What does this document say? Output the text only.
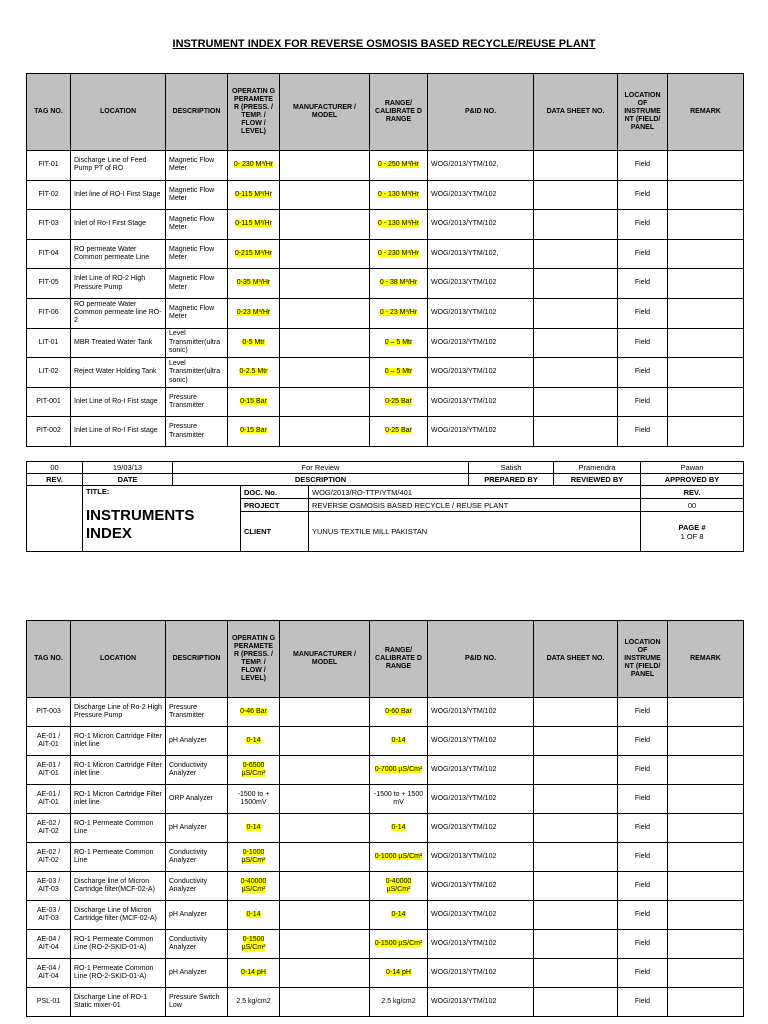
INSTRUMENT INDEX FOR REVERSE OSMOSIS BASED RECYCLE/REUSE PLANT
TAG NO.	LOCATION	DESCRIPTION	OPERATIN G PERAMETE R (PRESS. / TEMP. / FLOW / LEVEL)	MANUFACTURER / MODEL	RANGE/ CALIBRATE D RANGE	P&ID NO.	DATA SHEET NO.	LOCATION OF INSTRUME NT (FIELD/ PANEL	REMARK
FIT-01	Discharge Line of Feed Pump PT of RO	Magnetic Flow Meter	0- 230 M³/Hr		0 - 250 M³/Hr	WOG/2013/YTM/102,		Field	
FIT-02	Inlet line of RO-I First Stage	Magnetic Flow Meter	0-115 M³/Hr		0 - 130 M³/Hr	WOG/2013/YTM/102		Field	
FIT-03	Inlet of Ro-I First Stage	Magnetic Flow Meter	0-115 M³/Hr		0 - 130 M³/Hr	WOG/2013/YTM/102		Field	
FIT-04	RO permeate Water Common permeate Line	Magnetic Flow Meter	0-215 M³/Hr		0 - 230 M³/Hr	WOG/2013/YTM/102,		Field	
FIT-05	Inlet Line of RO-2 High Pressure Pump	Magnetic Flow Meter	0-35 M³/Hr		0 - 38 M³/Hr	WOG/2013/YTM/102		Field	
FIT-06	RO permeate Water Common permeate line RO-2	Magnetic Flow Meter	0-23 M³/Hr		0 - 23 M³/Hr	WOG/2013/YTM/102		Field	
LIT-01	MBR Treated Water Tank	Level Transmitter(ultra sonic)	0-5 Mtr		0 – 5 Mtr	WOG/2013/YTM/102		Field	
LIT-02	Reject Water Holding Tank	Level Transmitter(ultra sonic)	0-2.5 Mtr		0 – 5 Mtr	WOG/2013/YTM/102		Field	
PIT-001	Inlet Line of Ro-I Fist stage	Pressure Transmitter	0-15 Bar		0-25 Bar	WOG/2013/YTM/102		Field	
PIT-002	Inlet Line of Ro-I Fist stage	Pressure Transmitter	0-15 Bar		0-25 Bar	WOG/2013/YTM/102		Field	
00	19/03/13	For Review			Satish	Pramendra	Pawan
REV.	DATE	DESCRIPTION			PREPARED BY	REVIEWED BY	APPROVED BY
	TITLE:		DOC. No.	WOG/2013/RO-TTP/YTM/401			REV.
	INSTRUMENTS INDEX		PROJECT	REVERSE OSMOSIS BASED RECYCLE / REUSE PLANT			00
			CLIENT	YUNUS TEXTILE MILL PAKISTAN			PAGE #
1 OF 8
TAG NO.	LOCATION	DESCRIPTION	OPERATIN G PERAMETE R (PRESS. / TEMP. / FLOW / LEVEL)	MANUFACTURER / MODEL	RANGE/ CALIBRATE D RANGE	P&ID NO.	DATA SHEET NO.	LOCATION OF INSTRUME NT (FIELD/ PANEL	REMARK
PIT-003	Discharge Line of Ro-2 High Pressure Pump	Pressure Transmitter	0-46 Bar		0-60 Bar	WOG/2013/YTM/102		Field	
AE-01 / AIT-01	RO-1 Micron Cartridge Filter inlet line	pH Analyzer	0-14		0-14	WOG/2013/YTM/102		Field	
AE-01 / AIT-01	RO-1 Micron Cartridge Filter inlet line	Conductivity Analyzer	0-6500 µS/Cm²		0-7000 µS/Cm²	WOG/2013/YTM/102		Field	
AE-01 / AIT-01	RO-1 Micron Cartridge Filter inlet line	ORP Analyzer	-1500 to + 1500mV		-1500 to + 1500 mV	WOG/2013/YTM/102		Field	
AE-02 / AIT-02	RO-1 Permeate Common Line	pH Analyzer	0-14		0-14	WOG/2013/YTM/102		Field	
AE-02 / AIT-02	RO-1 Permeate Common Line	Conductivity Analyzer	0-1000 µS/Cm²		0-1000 µS/Cm²	WOG/2013/YTM/102		Field	
AE-03 / AIT-03	Discharge line of Micron Cartridge filter(MCF-02-A)	Conductivity Analyzer	0-40000 µS/Cm²		0-40000 µS/Cm²	WOG/2013/YTM/102		Field	
AE-03 / AIT-03	Discharge Line of Micron Cartridge filter (MCF-02-A)	pH Analyzer	0-14		0-14	WOG/2013/YTM/102		Field	
AE-04 / AIT-04	RO-1 Permeate Common Line (RO-2-SKID-01-A)	Conductivity Analyzer	0-1500 µS/Cm²		0-1500 µS/Cm²	WOG/2013/YTM/102		Field	
AE-04 / AIT-04	RO-1 Permeate Common Line (RO-2-SKID-01-A)	pH Analyzer	0-14 pH		0-14 pH	WOG/2013/YTM/102		Field	
PSL-01	Discharge Line of RO-1 Static mixer-01	Pressure Switch Low	2.5 kg/cm2		2.5 kg/cm2	WOG/2013/YTM/102		Field	
